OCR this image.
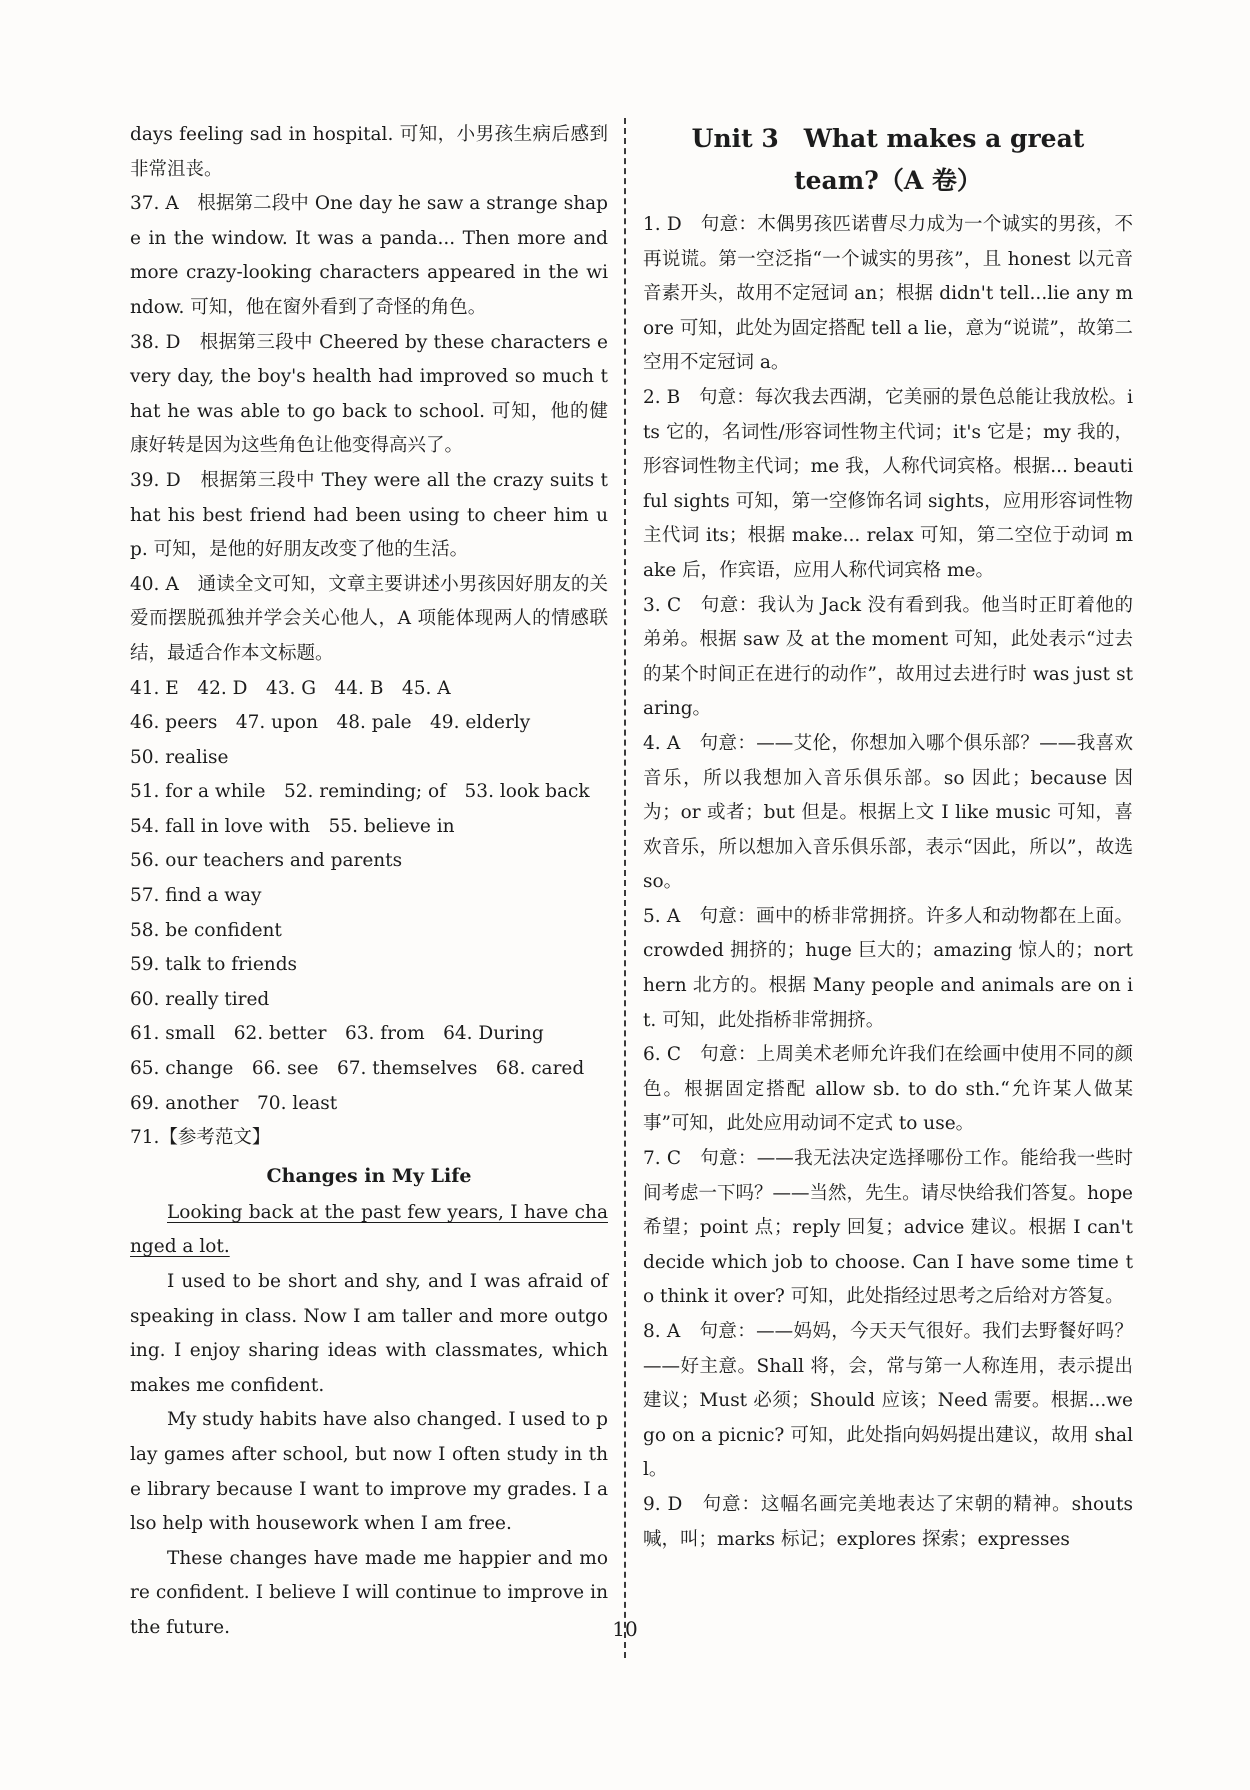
days feeling sad in hospital. 可知，小男孩生病后感到非常沮丧。

37. A　根据第二段中 One day he saw a strange shape in the window. It was a panda... Then more and more crazy-looking characters appeared in the window. 可知，他在窗外看到了奇怪的角色。

38. D　根据第三段中 Cheered by these characters every day, the boy's health had improved so much that he was able to go back to school. 可知，他的健康好转是因为这些角色让他变得高兴了。

39. D　根据第三段中 They were all the crazy suits that his best friend had been using to cheer him up. 可知，是他的好朋友改变了他的生活。

40. A　通读全文可知，文章主要讲述小男孩因好朋友的关爱而摆脱孤独并学会关心他人，A 项能体现两人的情感联结，最适合作本文标题。

41. E　42. D　43. G　44. B　45. A

46. peers　47. upon　48. pale　49. elderly

50. realise

51. for a while　52. reminding; of　53. look back

54. fall in love with　55. believe in

56. our teachers and parents

57. find a way

58. be confident

59. talk to friends

60. really tired

61. small　62. better　63. from　64. During

65. change　66. see　67. themselves　68. cared

69. another　70. least

71.【参考范文】

Changes in My Life

Looking back at the past few years, I have changed a lot.

I used to be short and shy, and I was afraid of speaking in class. Now I am taller and more outgoing. I enjoy sharing ideas with classmates, which makes me confident.

My study habits have also changed. I used to play games after school, but now I often study in the library because I want to improve my grades. I also help with housework when I am free.

These changes have made me happier and more confident. I believe I will continue to improve in the future.

Unit 3　What makes a great
team?（A 卷）

1. D　句意：木偶男孩匹诺曹尽力成为一个诚实的男孩，不再说谎。第一空泛指“一个诚实的男孩”，且 honest 以元音音素开头，故用不定冠词 an；根据 didn't tell...lie any more 可知，此处为固定搭配 tell a lie，意为“说谎”，故第二空用不定冠词 a。

2. B　句意：每次我去西湖，它美丽的景色总能让我放松。its 它的，名词性/形容词性物主代词；it's 它是；my 我的，形容词性物主代词；me 我，人称代词宾格。根据... beautiful sights 可知，第一空修饰名词 sights，应用形容词性物主代词 its；根据 make... relax 可知，第二空位于动词 make 后，作宾语，应用人称代词宾格 me。

3. C　句意：我认为 Jack 没有看到我。他当时正盯着他的弟弟。根据 saw 及 at the moment 可知，此处表示“过去的某个时间正在进行的动作”，故用过去进行时 was just staring。

4. A　句意：——艾伦，你想加入哪个俱乐部？——我喜欢音乐，所以我想加入音乐俱乐部。so 因此；because 因为；or 或者；but 但是。根据上文 I like music 可知，喜欢音乐，所以想加入音乐俱乐部，表示“因此，所以”，故选 so。

5. A　句意：画中的桥非常拥挤。许多人和动物都在上面。crowded 拥挤的；huge 巨大的；amazing 惊人的；northern 北方的。根据 Many people and animals are on it. 可知，此处指桥非常拥挤。

6. C　句意：上周美术老师允许我们在绘画中使用不同的颜色。根据固定搭配 allow sb. to do sth.“允许某人做某事”可知，此处应用动词不定式 to use。

7. C　句意：——我无法决定选择哪份工作。能给我一些时间考虑一下吗？——当然，先生。请尽快给我们答复。hope 希望；point 点；reply 回复；advice 建议。根据 I can't decide which job to choose. Can I have some time to think it over? 可知，此处指经过思考之后给对方答复。

8. A　句意：——妈妈，今天天气很好。我们去野餐好吗？——好主意。Shall 将，会，常与第一人称连用，表示提出建议；Must 必须；Should 应该；Need 需要。根据...we go on a picnic? 可知，此处指向妈妈提出建议，故用 shall。

9. D　句意：这幅名画完美地表达了宋朝的精神。shouts 喊，叫；marks 标记；explores 探索；expresses

10
